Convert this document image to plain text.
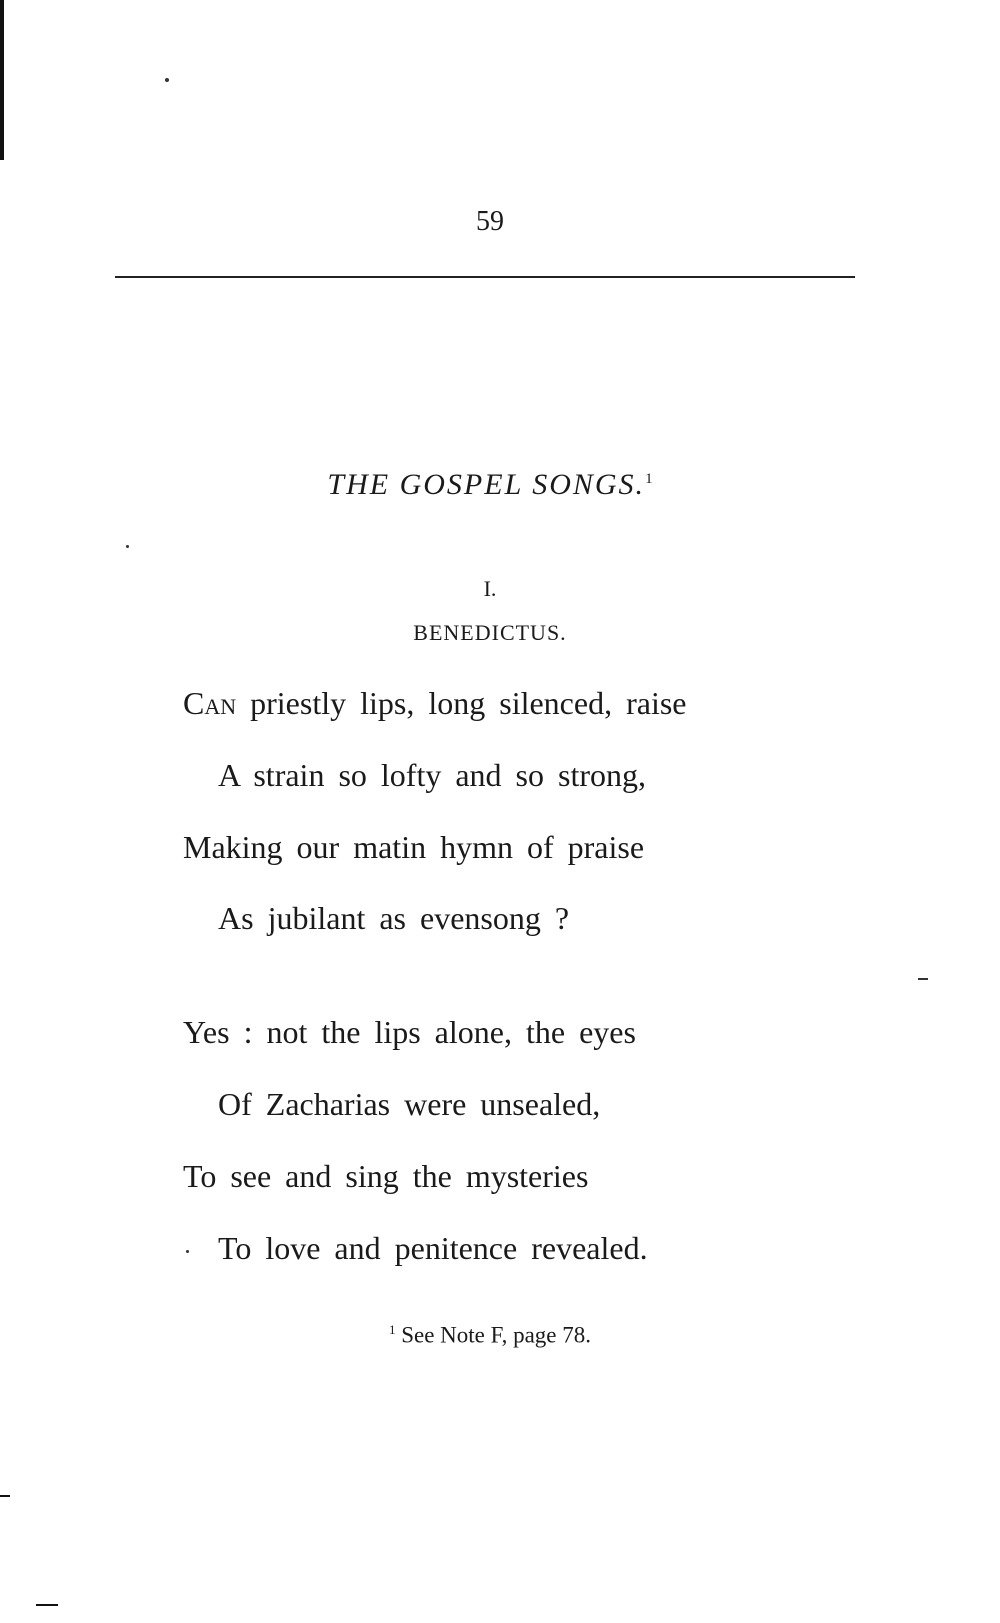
59
THE GOSPEL SONGS.$^1$
I.
BENEDICTUS.
Can priestly lips, long silenced, raise
A strain so lofty and so strong,
Making our matin hymn of praise
As jubilant as evensong ?
Yes : not the lips alone, the eyes
Of Zacharias were unsealed,
To see and sing the mysteries
To love and penitence revealed.
$^1$ See Note F, page 78.
